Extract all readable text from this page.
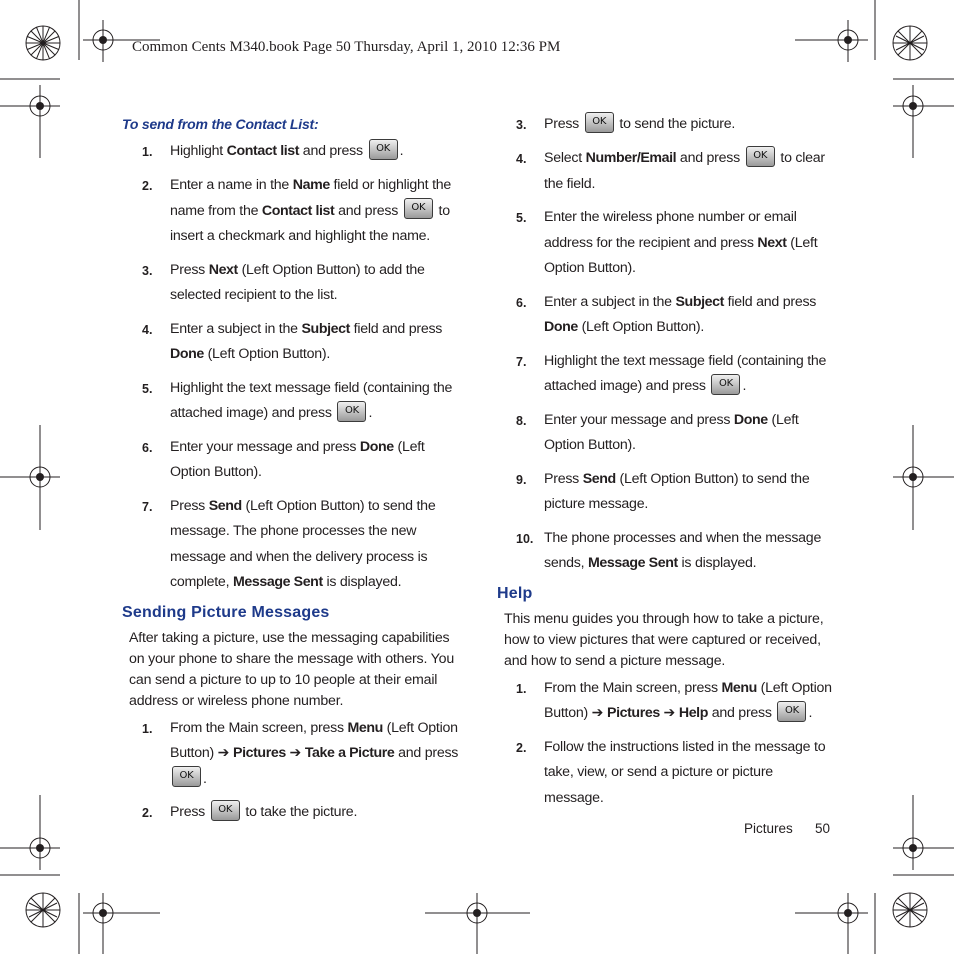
Common Cents M340.book Page 50 Thursday, April 1, 2010 12:36 PM
To send from the Contact List:
1.	Highlight Contact list and press OK .
2.	Enter a name in the Name field or highlight the name from the Contact list and press OK to insert a checkmark and highlight the name.
3.	Press Next (Left Option Button) to add the selected recipient to the list.
4.	Enter a subject in the Subject field and press Done (Left Option Button).
5.	Highlight the text message field (containing the attached image) and press OK .
6.	Enter your message and press Done (Left Option Button).
7.	Press Send (Left Option Button) to send the message. The phone processes the new message and when the delivery process is complete, Message Sent is displayed.
Sending Picture Messages
After taking a picture, use the messaging capabilities on your phone to share the message with others. You can send a picture to up to 10 people at their email address or wireless phone number.
1.	From the Main screen, press Menu (Left Option Button) ➔ Pictures ➔ Take a Picture and press OK .
2.	Press OK to take the picture.
3.	Press OK to send the picture.
4.	Select Number/Email and press OK to clear the field.
5.	Enter the wireless phone number or email address for the recipient and press Next (Left Option Button).
6.	Enter a subject in the Subject field and press Done (Left Option Button).
7.	Highlight the text message field (containing the attached image) and press OK .
8.	Enter your message and press Done (Left Option Button).
9.	Press Send (Left Option Button) to send the picture message.
10. The phone processes and when the message sends, Message Sent is displayed.
Help
This menu guides you through how to take a picture, how to view pictures that were captured or received, and how to send a picture message.
1.	From the Main screen, press Menu (Left Option Button) ➔ Pictures ➔ Help and press OK .
2.	Follow the instructions listed in the message to take, view, or send a picture or picture message.
Pictures 50
